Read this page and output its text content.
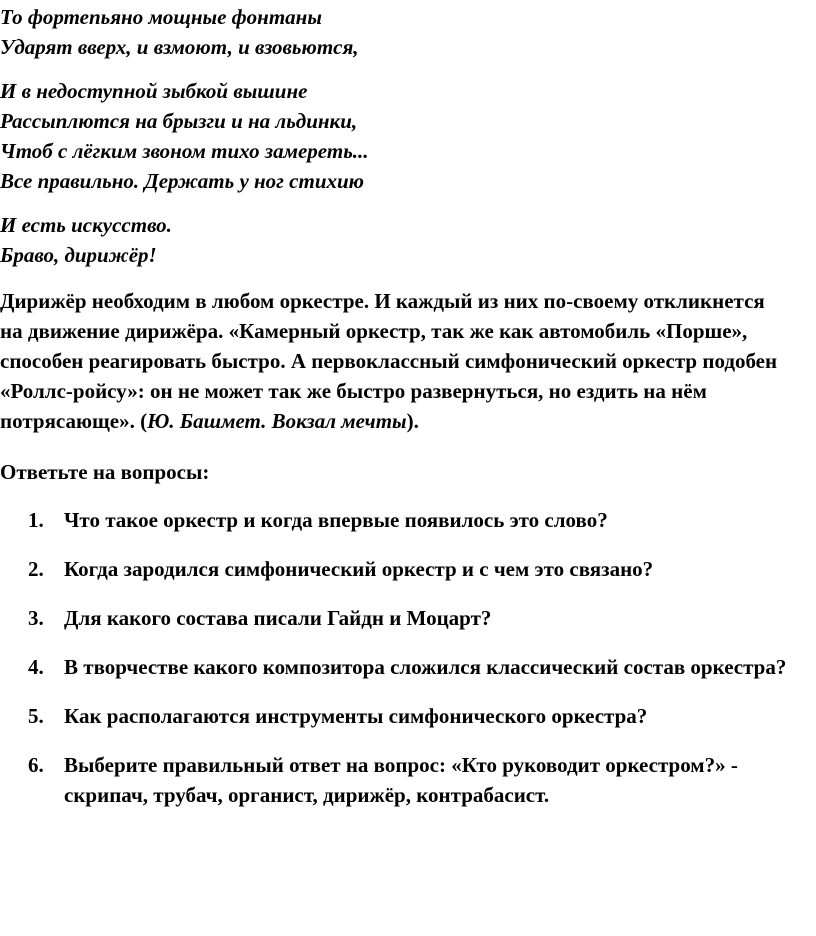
То фортепьяно мощные фонтаны
Ударят вверх, и взмоют, и взовьются,
И в недоступной зыбкой вышине
Рассыплются на брызги и на льдинки,
Чтоб с лёгким звоном тихо замереть...
Все правильно. Держать у ног стихию
И есть искусство.
Браво, дирижёр!

Дирижёр необходим в любом оркестре. И каждый из них по-своему откликнется на движение дирижёра. «Камерный оркестр, так же как автомобиль «Порше», способен реагировать быстро. А первоклассный симфонический оркестр подобен «Роллс-ройсу»: он не может так же быстро развернуться, но ездить на нём потрясающе». (Ю. Башмет. Вокзал мечты).

Ответьте на вопросы:
1. Что такое оркестр и когда впервые появилось это слово?
2. Когда зародился симфонический оркестр и с чем это связано?
3. Для какого состава писали Гайдн и Моцарт?
4. В творчестве какого композитора сложился классический состав оркестра?
5. Как располагаются инструменты симфонического оркестра?
6. Выберите правильный ответ на вопрос: «Кто руководит оркестром?» - скрипач, трубач, органист, дирижёр, контрабасист.
